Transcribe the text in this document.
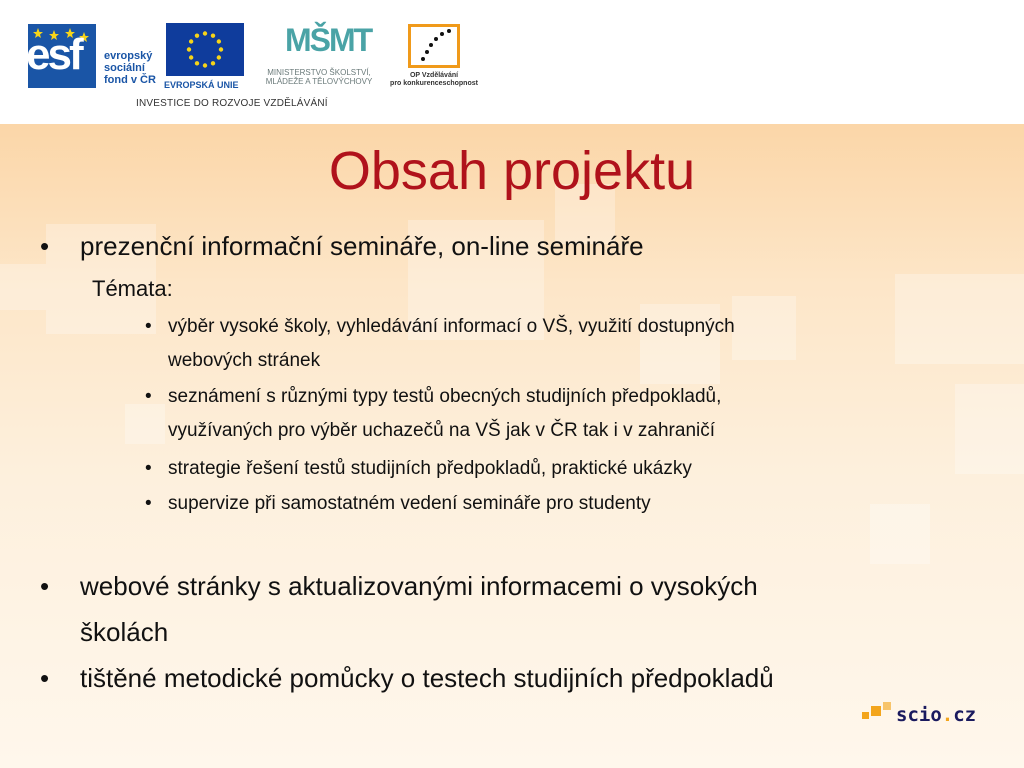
esf evropský
sociální
fond v ČR EVROPSKÁ UNIE
MŠMT
MINISTERSTVO ŠKOLSTVÍ,
MLÁDEŽE A TĚLOVÝCHOVY
OP Vzdělávání
pro konkurenceschopnost
INVESTICE DO ROZVOJE VZDĚLÁVÁNÍ
Obsah projektu
• prezenční informační semináře, on-line semináře
Témata:
• výběr vysoké školy, vyhledávání informací o VŠ, využití dostupných
webových stránek
• seznámení s různými typy testů obecných studijních předpokladů,
využívaných pro výběr uchazečů na VŠ jak v ČR tak i v zahraničí
• strategie řešení testů studijních předpokladů, praktické ukázky
• supervize při samostatném vedení semináře pro studenty
• webové stránky s aktualizovanými informacemi o vysokých
školách
• tištěné metodické pomůcky o testech studijních předpokladů
scio.cz
